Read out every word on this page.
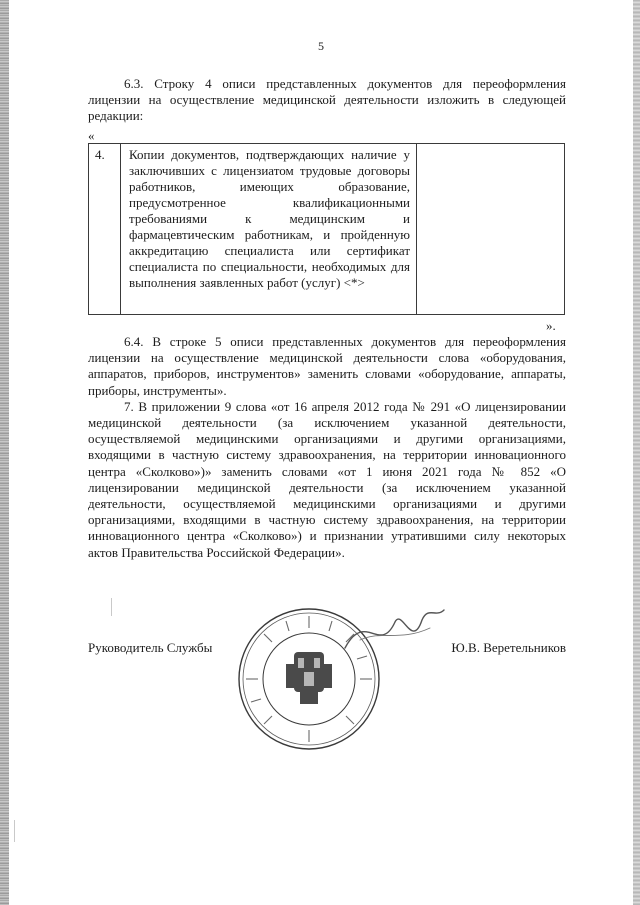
5

6.3. Строку 4 описи представленных документов для переоформления лицензии на осуществление медицинской деятельности изложить в следующей редакции:

«
4.	Копии документов, подтверждающих наличие у заключивших с лицензиатом трудовые договоры работников, имеющих образование, предусмотренное квалификационными требованиями к медицинским и фармацевтическим работникам, и пройденную аккредитацию специалиста или сертификат специалиста по специальности, необходимых для выполнения заявленных работ (услуг) <*>
».

6.4. В строке 5 описи представленных документов для переоформления лицензии на осуществление медицинской деятельности слова «оборудования, аппаратов, приборов, инструментов» заменить словами «оборудование, аппараты, приборы, инструменты».

7. В приложении 9 слова «от 16 апреля 2012 года № 291 «О лицензировании медицинской деятельности (за исключением указанной деятельности, осуществляемой медицинскими организациями и другими организациями, входящими в частную систему здравоохранения, на территории инновационного центра «Сколково»)» заменить словами «от 1 июня 2021 года № 852 «О лицензировании медицинской деятельности (за исключением указанной деятельности, осуществляемой медицинскими организациями и другими организациями, входящими в частную систему здравоохранения, на территории инновационного центра «Сколково») и признании утратившими силу некоторых актов Правительства Российской Федерации».

Руководитель Службы	Ю.В. Веретельников
